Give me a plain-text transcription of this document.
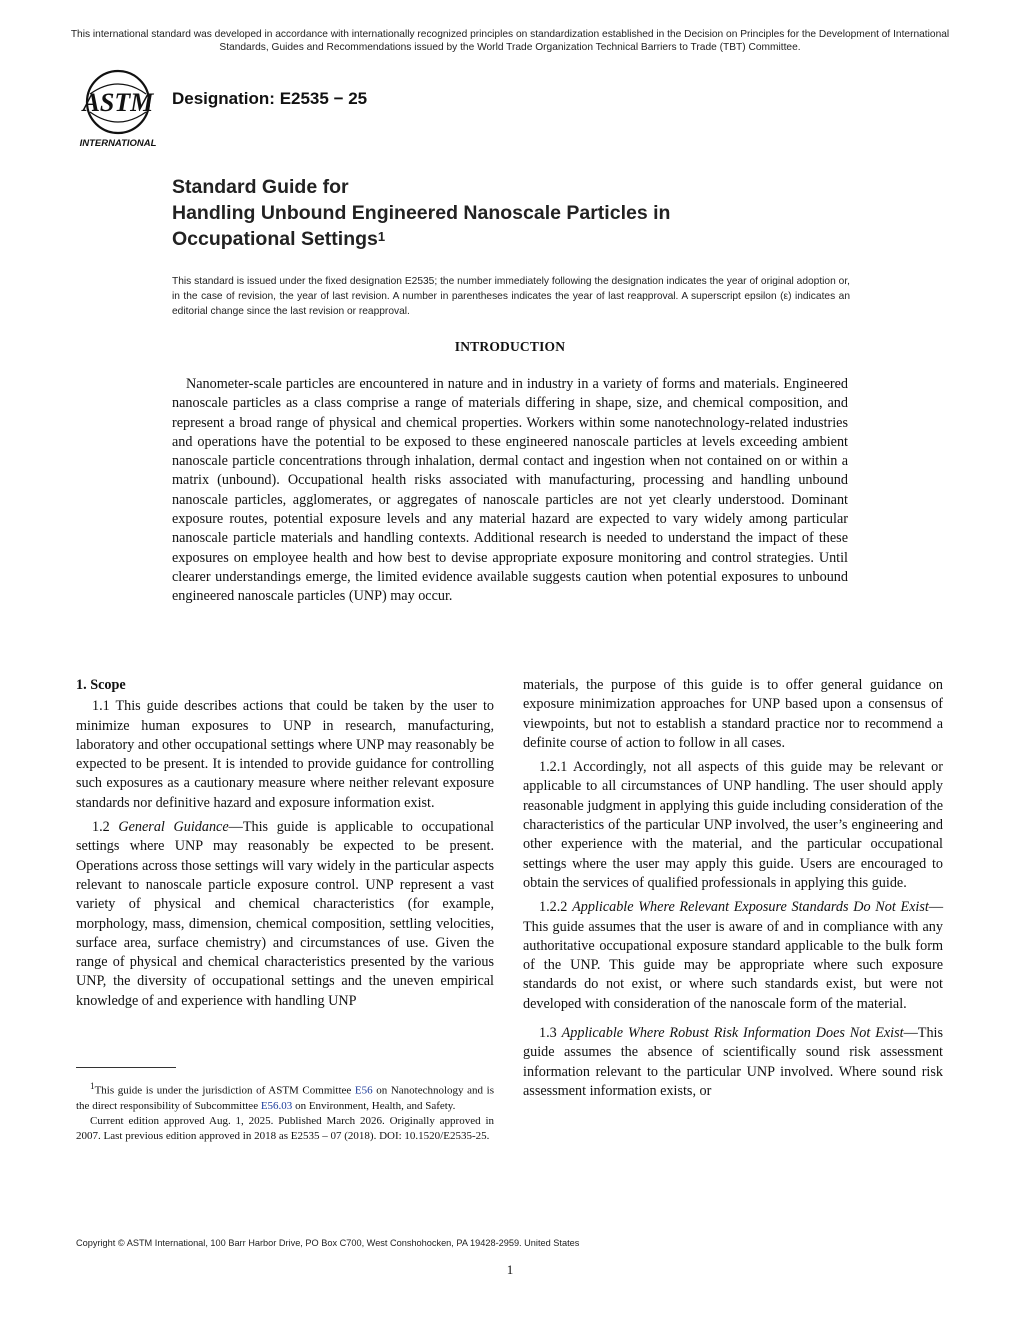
This international standard was developed in accordance with internationally recognized principles on standardization established in the Decision on Principles for the Development of International Standards, Guides and Recommendations issued by the World Trade Organization Technical Barriers to Trade (TBT) Committee.
ASTM
INTERNATIONAL
Designation: E2535 − 25
Standard Guide for
Handling Unbound Engineered Nanoscale Particles in
Occupational Settings$^1$
This standard is issued under the fixed designation E2535; the number immediately following the designation indicates the year of original adoption or, in the case of revision, the year of last revision. A number in parentheses indicates the year of last reapproval. A superscript epsilon (ε) indicates an editorial change since the last revision or reapproval.
INTRODUCTION
Nanometer-scale particles are encountered in nature and in industry in a variety of forms and materials. Engineered nanoscale particles as a class comprise a range of materials differing in shape, size, and chemical composition, and represent a broad range of physical and chemical properties. Workers within some nanotechnology-related industries and operations have the potential to be exposed to these engineered nanoscale particles at levels exceeding ambient nanoscale particle concentrations through inhalation, dermal contact and ingestion when not contained on or within a matrix (unbound). Occupational health risks associated with manufacturing, processing and handling unbound nanoscale particles, agglomerates, or aggregates of nanoscale particles are not yet clearly understood. Dominant exposure routes, potential exposure levels and any material hazard are expected to vary widely among particular nanoscale particle materials and handling contexts. Additional research is needed to understand the impact of these exposures on employee health and how best to devise appropriate exposure monitoring and control strategies. Until clearer understandings emerge, the limited evidence available suggests caution when potential exposures to unbound engineered nanoscale particles (UNP) may occur.
1. Scope

1.1 This guide describes actions that could be taken by the user to minimize human exposures to UNP in research, manufacturing, laboratory and other occupational settings where UNP may reasonably be expected to be present. It is intended to provide guidance for controlling such exposures as a cautionary measure where neither relevant exposure standards nor definitive hazard and exposure information exist.

1.2 General Guidance—This guide is applicable to occupational settings where UNP may reasonably be expected to be present. Operations across those settings will vary widely in the particular aspects relevant to nanoscale particle exposure control. UNP represent a vast variety of physical and chemical characteristics (for example, morphology, mass, dimension, chemical composition, settling velocities, surface area, surface chemistry) and circumstances of use. Given the range of physical and chemical characteristics presented by the various UNP, the diversity of occupational settings and the uneven empirical knowledge of and experience with handling UNP

$^1$This guide is under the jurisdiction of ASTM Committee E56 on Nanotechnology and is the direct responsibility of Subcommittee E56.03 on Environment, Health, and Safety.

Current edition approved Aug. 1, 2025. Published March 2026. Originally approved in 2007. Last previous edition approved in 2018 as E2535 – 07 (2018). DOI: 10.1520/E2535-25.

materials, the purpose of this guide is to offer general guidance on exposure minimization approaches for UNP based upon a consensus of viewpoints, but not to establish a standard practice nor to recommend a definite course of action to follow in all cases.

1.2.1 Accordingly, not all aspects of this guide may be relevant or applicable to all circumstances of UNP handling. The user should apply reasonable judgment in applying this guide including consideration of the characteristics of the particular UNP involved, the user’s engineering and other experience with the material, and the particular occupational settings where the user may apply this guide. Users are encouraged to obtain the services of qualified professionals in applying this guide.

1.2.2 Applicable Where Relevant Exposure Standards Do Not Exist—This guide assumes that the user is aware of and in compliance with any authoritative occupational exposure standard applicable to the bulk form of the UNP. This guide may be appropriate where such exposure standards do not exist, or where such standards exist, but were not developed with consideration of the nanoscale form of the material.

1.3 Applicable Where Robust Risk Information Does Not Exist—This guide assumes the absence of scientifically sound risk assessment information relevant to the particular UNP involved. Where sound risk assessment information exists, or

Copyright © ASTM International, 100 Barr Harbor Drive, PO Box C700, West Conshohocken, PA 19428-2959. United States
1
